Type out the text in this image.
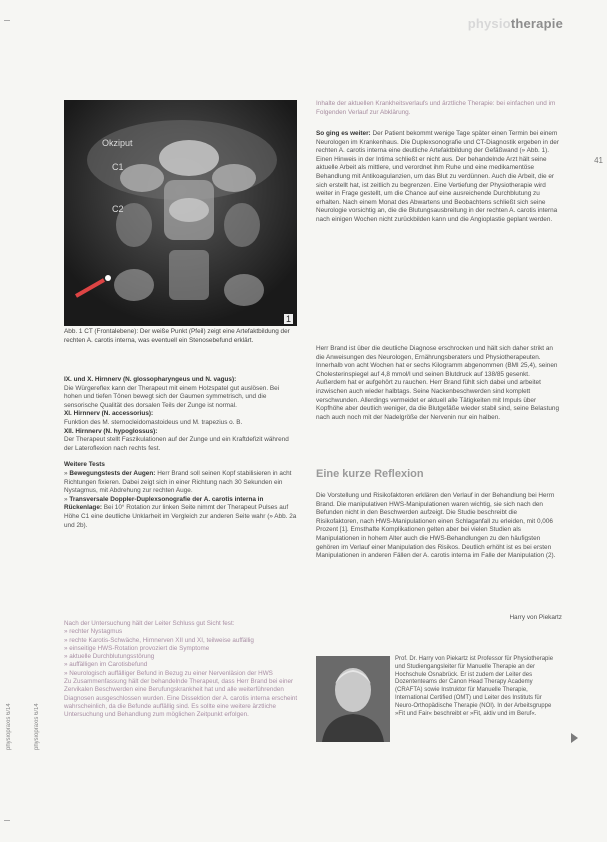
physiotherapie
41
Okziput
C1
C2
1
Abb. 1 CT (Frontalebene): Der weiße Punkt (Pfeil) zeigt eine Artefaktbildung der rechten A. carotis interna, was eventuell ein Stenosebefund erklärt.
IX. und X. Hirnnerv (N. glossopharyngeus und N. vagus):
Die Würgereflex kann der Therapeut mit einem Holzspatel gut auslösen. Bei hohen und tiefen Tönen bewegt sich der Gaumen symmetrisch, und die sensorische Qualität des dorsalen Teils der Zunge ist normal.
XI. Hirnnerv (N. accessorius):
Funktion des M. sternocleidomastoideus und M. trapezius o. B.
XII. Hirnnerv (N. hypoglossus):
Der Therapeut stellt Faszikulationen auf der Zunge und ein Kraftdefizit während der Lateroflexion nach rechts fest.
Weitere Tests
» Bewegungstests der Augen: Herr Brand soll seinen Kopf stabilisieren in acht Richtungen fixieren. Dabei zeigt sich in einer Richtung nach 30 Sekunden ein Nystagmus, mit Abdrehung zur rechten Auge.
» Transversale Doppler-Duplexsonografie der A. carotis interna in Rückenlage: Bei 10° Rotation zur linken Seite nimmt der Therapeut Pulses auf Höhe C1 eine deutliche Unklarheit im Vergleich zur anderen Seite wahr (» Abb. 2a und 2b).
Nach der Untersuchung hält der Leiter Schluss gut Sicht fest:
» rechter Nystagmus
» rechte Karotis-Schwäche, Hirnnerven XII und XI, teilweise auffällig
» einseitige HWS-Rotation provoziert die Symptome
» aktuelle Durchblutungsstörung
» auffälligen im Carotisbefund
» Neurologisch auffälliger Befund in Bezug zu einer Nervenläsion der HWS
Zu Zusammenfassung hält der behandelnde Therapeut, dass Herr Brand bei einer Zervikalen Beschwerden eine Berufungskrankheit hat und alle weiterführenden Diagnosen ausgeschlossen wurden. Eine Dissektion der A. carotis interna erscheint wahrscheinlich, da die Befunde auffällig sind. Es sollte eine weitere ärztliche Untersuchung und Behandlung zum möglichen Zeitpunkt erfolgen.
Inhalte der aktuellen Krankheitsverlaufs und ärztliche Therapie: bei einfachen und im Folgenden Verlauf zur Abklärung.
So ging es weiter: Der Patient bekommt wenige Tage später einen Termin bei einem Neurologen im Krankenhaus. Die Duplexsonografie und CT-Diagnostik ergeben in der rechten A. carotis interna eine deutliche Artefaktbildung der Gefäßwand (» Abb. 1). Einen Hinweis in der Intima schließt er nicht aus. Der behandelnde Arzt hält seine aktuelle Arbeit als mittlere, und verordnet ihm Ruhe und eine medikamentöse Behandlung mit Antikoagulanzien, um das Blut zu verdünnen. Auch die Arbeit, die er sich erstellt hat, ist zeitlich zu begrenzen. Eine Vertiefung der Physiotherapie wird weiter in Frage gestellt, um die Chance auf eine ausreichende Durchblutung zu erhalten. Nach einem Monat des Abwartens und Beobachtens schließt sich seine Neurologie vorsichtig an, die die Blutungsausbreitung in der rechten A. carotis interna nach einigen Wochen nicht zurückbilden kann und die Angioplastie geplant werden.
Herr Brand ist über die deutliche Diagnose erschrocken und hält sich daher strikt an die Anweisungen des Neurologen, Ernährungsberaters und Physiotherapeuten. Innerhalb von acht Wochen hat er sechs Kilogramm abgenommen (BMI 25,4), seinen Cholesterinspiegel auf 4,8 mmol/l und seinen Blutdruck auf 138/85 gesenkt. Außerdem hat er aufgehört zu rauchen. Herr Brand fühlt sich dabei und arbeitet inzwischen auch wieder halbtags. Seine Nackenbeschwerden sind komplett verschwunden. Allerdings vermeidet er aktuell alle Tätigkeiten mit Impuls über Kopfhöhe aber deutlich weniger, da die Blutgefäße wieder stabil sind, seine Belastung nach auch noch mit der Nadelgröße der Nervenin nur ein halben.
Eine kurze Reflexion
Die Vorstellung und Risikofaktoren erklären den Verlauf in der Behandlung bei Herrn Brand. Die manipulativen HWS-Manipulationen waren wichtig, sie sich nach den Befunden nicht in den Beschwerden aufzeigt. Die Studie beschreibt die Risikofaktoren, nach HWS-Manipulationen einen Schlaganfall zu erleiden, mit 0,006 Prozent [1]. Ernsthafte Komplikationen gelten aber bei vielen Studien als Manipulationen in hohem Alter auch die HWS-Behandlungen zu den häufigsten gehören im Verlauf einer Manipulation des Risikos. Deutlich erhöht ist es bei ersten Manipulationen in anderen Fällen der A. carotis interna im Falle der Manipulation (2).
Harry von Piekartz
Prof. Dr. Harry von Piekartz ist Professor für Physiotherapie und Studiengangsleiter für Manuelle Therapie an der Hochschule Osnabrück. Er ist zudem der Leiter des Dozententeams der Canon Head Therapy Academy (CRAFTA) sowie Instruktor für Manuelle Therapie, International Certified (OMT) und Leiter des Instituts für Neuro-Orthopädische Therapie (NOI). In der Arbeitsgruppe »Fit und Fair« beschreibt er »Fit, aktiv und im Beruf«.
physiopraxis 6/14	physiopraxis 6/14
